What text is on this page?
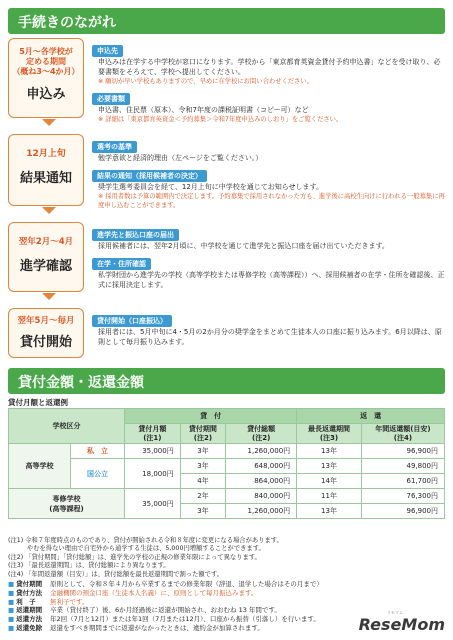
手続きのながれ
5月～各学校が
定める期間
（概ね3～4か月）
申込み
申込先
申込みは在学する中学校が窓口になります。学校から「東京都育英資金貸付予約申込書」などを受け取り、必要書類をそろえて、学校へ提出してください。
※ 願切が早い学校もありますので、早めに在学校にお問い合わせください。
必要書類
申込書、住民票（原本）、令和7年度の課税証明書（コピー可）など
※ 詳細は「東京都育英資金＜予約募集＞令和7年度申込みのしおり」をご覧ください。
12月上旬
結果通知
選考の基準
勉学意欲と経済的理由（左ページをご覧ください。）
結果の通知（採用候補者の決定）
奨学生選考委員会を経て、12月上旬に中学校を通じてお知らせします。
※ 採用者数は予算の範囲内で決定します。予約募集で採用されなかった方も、進学後に高校生向けに行われる一般募集に再度申し込むことができます。
翌年2月～4月
進学確認
進学先と振込口座の届出
採用候補者には、翌年2月頃に、中学校を通じて進学先と振込口座を届け出ていただきます。
在学・住所確認
私学財団から進学先の学校（高等学校または専修学校（高等課程））へ、採用候補者の在学・住所を確認後、正式に採用決定します。
翌年5月～毎月
貸付開始
貸付開始（口座振込）
採用者には、5月中旬に4・5月の2か月分の奨学金をまとめて生徒本人の口座に振り込みます。6月以降は、原則として毎月振り込みます。
貸付金額・返還金額
貸付月額と返還例
学校区分		貸　付			返　還	
		貸付月額
(注1)	貸付期間
(注2)	貸付総額
(注2)	最長返還期間
(注3)	年間返還額(目安)
(注4)
高等学校	私　立	35,000円	3年	1,260,000円	13年	96,900円
	国公立	18,000円	3年	648,000円	13年	49,800円
			4年	864,000円	14年	61,700円
専修学校
(高等課程)		35,000円	2年	840,000円	11年	76,300円
			3年	1,260,000円	13年	96,900円
(注1) 令和７年度時点のものであり、貸付が開始される令和８年度に変更になる場合があります。
　　　やむを得ない理由で自宅外から通学する生徒は、5,000円増額することができます。
(注2) 「貸付期間」「貸付総額」は、進学先の学校の正規の修業年限によって異なります。
(注3) 「最長返還期間」は、貸付総額により異なります。
(注4) 「年間返還額（目安）」は、貸付総額を最長返還期間で割った額です。
■ 貸付期間	原則として、令和８年４月から卒業するまでの修業年限（辞退、退学した場合はその月まで）
■ 貸付方法	金融機関の預金口座（生徒本人名義）に、原則として毎月振込みます。
■ 利　子	無利子です。
■ 返還期間	卒業（貸付終了）後、6か月経過後に返還が開始され、おおむね 13 年間です。
■ 返還方法	年2回（7月と12月）または年1回（7月または12月）、口座から振替（引落し）を行います。
■ 返還免除	返還をすべき期間までに返還がなかったときは、違約金が加算されます。
リセマム
ReseMom
